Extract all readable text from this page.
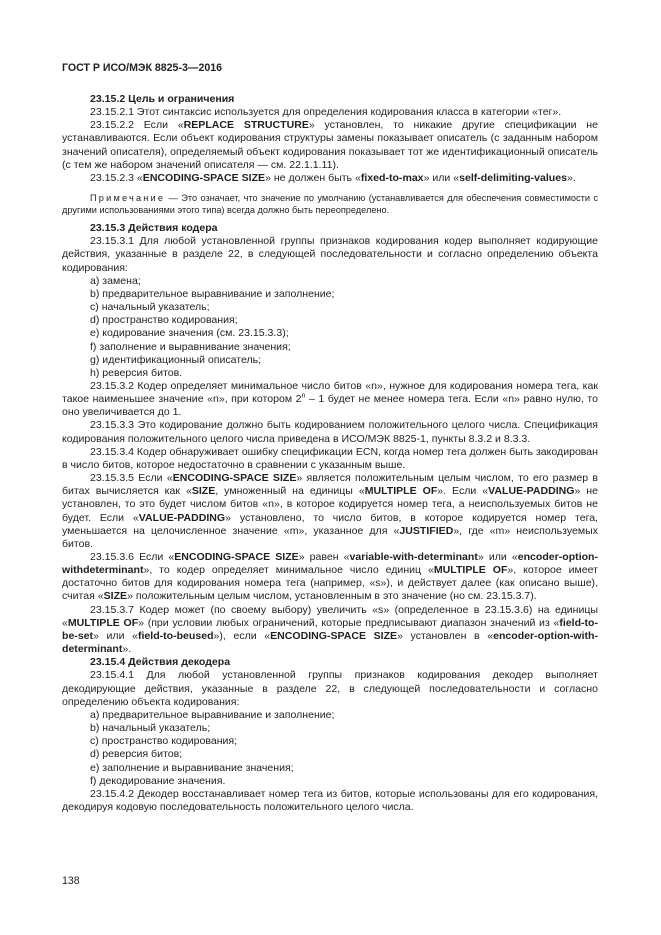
ГОСТ Р ИСО/МЭК 8825-3—2016

23.15.2 Цель и ограничения

23.15.2.1 Этот синтаксис используется для определения кодирования класса в категории «тег».

23.15.2.2 Если «REPLACE STRUCTURE» установлен, то никакие другие спецификации не устанавливаются. Если объект кодирования структуры замены показывает описатель (с заданным набором значений описателя), определяемый объект кодирования показывает тот же идентификационный описатель (с тем же набором значений описателя — см. 22.1.1.11).

23.15.2.3 «ENCODING-SPACE SIZE» не должен быть «fixed-to-max» или «self-delimiting-values».

Примечание — Это означает, что значение по умолчанию (устанавливается для обеспечения совместимости с другими использованиями этого типа) всегда должно быть переопределено.

23.15.3 Действия кодера

23.15.3.1 Для любой установленной группы признаков кодирования кодер выполняет кодирующие действия, указанные в разделе 22, в следующей последовательности и согласно определению объекта кодирования:

a) замена;

b) предварительное выравнивание и заполнение;

c) начальный указатель;

d) пространство кодирования;

e) кодирование значения (см. 23.15.3.3);

f) заполнение и выравнивание значения;

g) идентификационный описатель;

h) реверсия битов.

23.15.3.2 Кодер определяет минимальное число битов «n», нужное для кодирования номера тега, как такое наименьшее значение «n», при котором 2$^n$ – 1 будет не менее номера тега. Если «n» равно нулю, то оно увеличивается до 1.

23.15.3.3 Это кодирование должно быть кодированием положительного целого числа. Спецификация кодирования положительного целого числа приведена в ИСО/МЭК 8825-1, пункты 8.3.2 и 8.3.3.

23.15.3.4 Кодер обнаруживает ошибку спецификации ECN, когда номер тега должен быть закодирован в число битов, которое недостаточно в сравнении с указанным выше.

23.15.3.5 Если «ENCODING-SPACE SIZE» является положительным целым числом, то его размер в битах вычисляется как «SIZE, умноженный на единицы «MULTIPLE OF». Если «VALUE-PADDING» не установлен, то это будет числом битов «n», в которое кодируется номер тега, а неиспользуемых битов не будет. Если «VALUE-PADDING» установлено, то число битов, в которое кодируется номер тега, уменьшается на целочисленное значение «m», указанное для «JUSTIFIED», где «m» неиспользуемых битов.

23.15.3.6 Если «ENCODING-SPACE SIZE» равен «variable-with-determinant» или «encoder-option-withdeterminant», то кодер определяет минимальное число единиц «MULTIPLE OF», которое имеет достаточно битов для кодирования номера тега (например, «s»), и действует далее (как описано выше), считая «SIZE» положительным целым числом, установленным в это значение (но см. 23.15.3.7).

23.15.3.7 Кодер может (по своему выбору) увеличить «s» (определенное в 23.15.3.6) на единицы «MULTIPLE OF» (при условии любых ограничений, которые предписывают диапазон значений из «field-to-be-set» или «field-to-beused»), если «ENCODING-SPACE SIZE» установлен в «encoder-option-with-determinant».

23.15.4 Действия декодера

23.15.4.1 Для любой установленной группы признаков кодирования декодер выполняет декодирующие действия, указанные в разделе 22, в следующей последовательности и согласно определению объекта кодирования:

a) предварительное выравнивание и заполнение;

b) начальный указатель;

c) пространство кодирования;

d) реверсия битов;

e) заполнение и выравнивание значения;

f) декодирование значения.

23.15.4.2 Декодер восстанавливает номер тега из битов, которые использованы для его кодирования, декодируя кодовую последовательность положительного целого числа.

138
